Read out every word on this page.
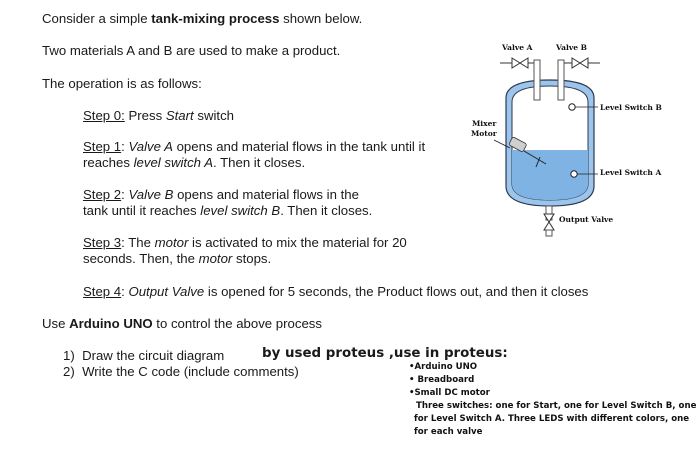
Consider a simple tank-mixing process shown below.
Two materials A and B are used to make a product.
The operation is as follows:
Step 0: Press Start switch
Step 1: Valve A opens and material flows in the tank until it
reaches level switch A. Then it closes.
Step 2: Valve B opens and material flows in the
tank until it reaches level switch B. Then it closes.
Step 3: The motor is activated to mix the material for 20
seconds. Then, the motor stops.
Step 4: Output Valve is opened for 5 seconds, the Product flows out, and then it closes
Use Arduino UNO to control the above process
1) Draw the circuit diagram	by used proteus ,use in proteus:
2) Write the C code (include comments)	•Arduino UNO
• Breadboard
•Small DC motor
Three switches: one for Start, one for Level Switch B, one
for Level Switch A. Three LEDS with different colors, one
for each valve
Valve A	Valve B
Level Switch B
Level Switch A
Mixer
Motor
Output Valve
